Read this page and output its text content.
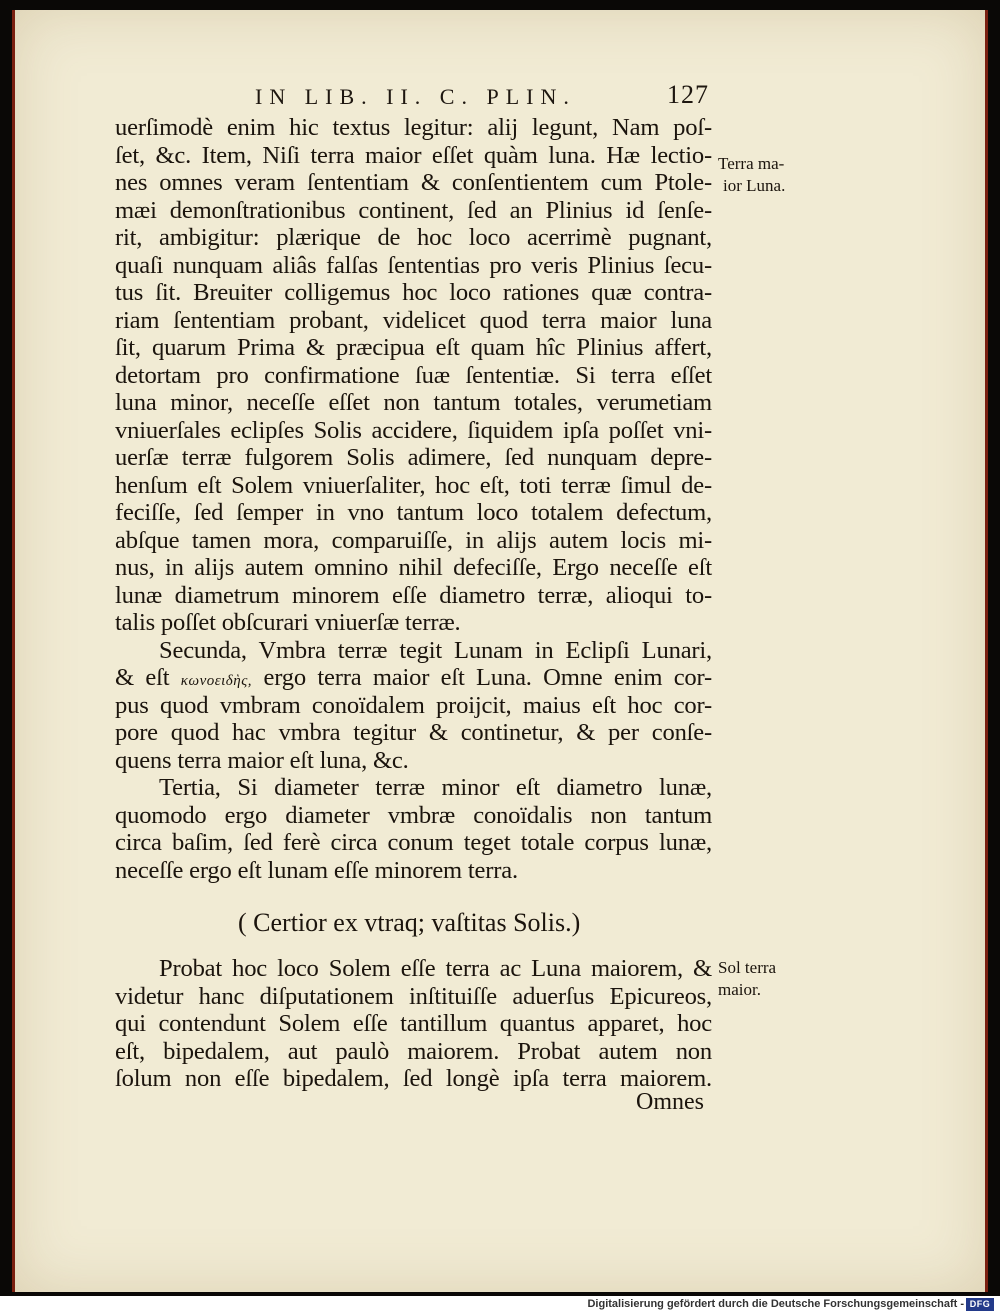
IN LIB. II. C. PLIN.	127
uerſimodè enim hic textus legitur: alij legunt, Nam poſ-
ſet, &c. Item, Niſi terra maior eſſet quàm luna. Hæ lectio-
nes omnes veram ſententiam & conſentientem cum Ptole-
mæi demonſtrationibus continent, ſed an Plinius id ſenſe-
rit, ambigitur: plærique de hoc loco acerrimè pugnant,
quaſi nunquam aliâs falſas ſententias pro veris Plinius ſecu-
tus ſit. Breuiter colligemus hoc loco rationes quæ contra-
riam ſententiam probant, videlicet quod terra maior luna
ſit, quarum Prima & præcipua eſt quam hîc Plinius affert,
detortam pro confirmatione ſuæ ſententiæ. Si terra eſſet
luna minor, neceſſe eſſet non tantum totales, verumetiam
vniuerſales eclipſes Solis accidere, ſiquidem ipſa poſſet vni-
uerſæ terræ fulgorem Solis adimere, ſed nunquam depre-
henſum eſt Solem vniuerſaliter, hoc eſt, toti terræ ſimul de-
feciſſe, ſed ſemper in vno tantum loco totalem defectum,
abſque tamen mora, comparuiſſe, in alijs autem locis mi-
nus, in alijs autem omnino nihil defeciſſe, Ergo neceſſe eſt
lunæ diametrum minorem eſſe diametro terræ, alioqui to-
talis poſſet obſcurari vniuerſæ terræ.
Secunda, Vmbra terræ tegit Lunam in Eclipſi Lunari,
& eſt κωνοειδὴς, ergo terra maior eſt Luna. Omne enim cor-
pus quod vmbram conoïdalem proijcit, maius eſt hoc cor-
pore quod hac vmbra tegitur & continetur, & per conſe-
quens terra maior eſt luna, &c.
Tertia, Si diameter terræ minor eſt diametro lunæ,
quomodo ergo diameter vmbræ conoïdalis non tantum
circa baſim, ſed ferè circa conum teget totale corpus lunæ,
neceſſe ergo eſt lunam eſſe minorem terra.
( Certior ex vtraq; vaſtitas Solis.)
Probat hoc loco Solem eſſe terra ac Luna maiorem, &
videtur hanc diſputationem inſtituiſſe aduerſus Epicureos,
qui contendunt Solem eſſe tantillum quantus apparet, hoc
eſt, bipedalem, aut paulò maiorem. Probat autem non
ſolum non eſſe bipedalem, ſed longè ipſa terra maiorem.
Omnes
Terra ma-
ior Luna.
Sol terra
maior.
Digitalisierung gefördert durch die Deutsche Forschungsgemeinschaft - DFG
